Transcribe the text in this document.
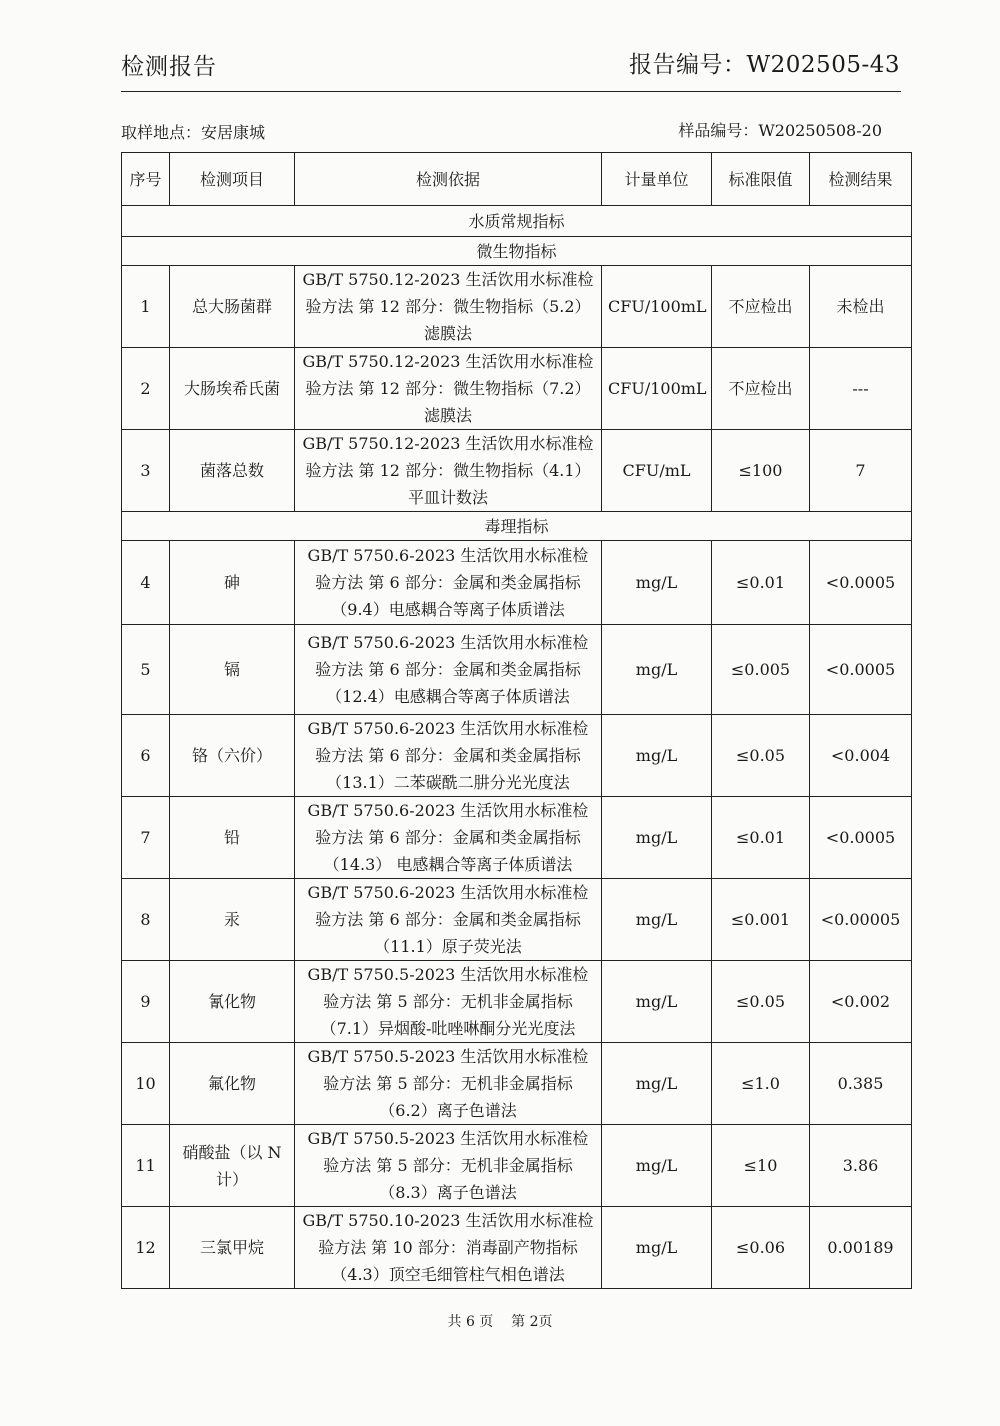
检测报告	报告编号：W202505-43
取样地点：安居康城	样品编号：W20250508-20
序号	检测项目	检测依据	计量单位	标准限值	检测结果
水质常规指标					
微生物指标					
1	总大肠菌群	GB/T 5750.12-2023 生活饮用水标准检
验方法 第 12 部分：微生物指标（5.2）
滤膜法	CFU/100mL	不应检出	未检出
2	大肠埃希氏菌	GB/T 5750.12-2023 生活饮用水标准检
验方法 第 12 部分：微生物指标（7.2）
滤膜法	CFU/100mL	不应检出	---
3	菌落总数	GB/T 5750.12-2023 生活饮用水标准检
验方法 第 12 部分：微生物指标（4.1）
平皿计数法	CFU/mL	≤100	7
毒理指标					
4	砷	GB/T 5750.6-2023 生活饮用水标准检
验方法 第 6 部分：金属和类金属指标
（9.4）电感耦合等离子体质谱法	mg/L	≤0.01	<0.0005
5	镉	GB/T 5750.6-2023 生活饮用水标准检
验方法 第 6 部分：金属和类金属指标
（12.4）电感耦合等离子体质谱法	mg/L	≤0.005	<0.0005
6	铬（六价）	GB/T 5750.6-2023 生活饮用水标准检
验方法 第 6 部分：金属和类金属指标
（13.1）二苯碳酰二肼分光光度法	mg/L	≤0.05	<0.004
7	铅	GB/T 5750.6-2023 生活饮用水标准检
验方法 第 6 部分：金属和类金属指标
（14.3） 电感耦合等离子体质谱法	mg/L	≤0.01	<0.0005
8	汞	GB/T 5750.6-2023 生活饮用水标准检
验方法 第 6 部分：金属和类金属指标
（11.1）原子荧光法	mg/L	≤0.001	<0.00005
9	氰化物	GB/T 5750.5-2023 生活饮用水标准检
验方法 第 5 部分：无机非金属指标
（7.1）异烟酸-吡唑啉酮分光光度法	mg/L	≤0.05	<0.002
10	氟化物	GB/T 5750.5-2023 生活饮用水标准检
验方法 第 5 部分：无机非金属指标
（6.2）离子色谱法	mg/L	≤1.0	0.385
11	硝酸盐（以 N 计）	GB/T 5750.5-2023 生活饮用水标准检
验方法 第 5 部分：无机非金属指标
（8.3）离子色谱法	mg/L	≤10	3.86
12	三氯甲烷	GB/T 5750.10-2023 生活饮用水标准检
验方法 第 10 部分：消毒副产物指标
（4.3）顶空毛细管柱气相色谱法	mg/L	≤0.06	0.00189
共 6 页 第 2页
